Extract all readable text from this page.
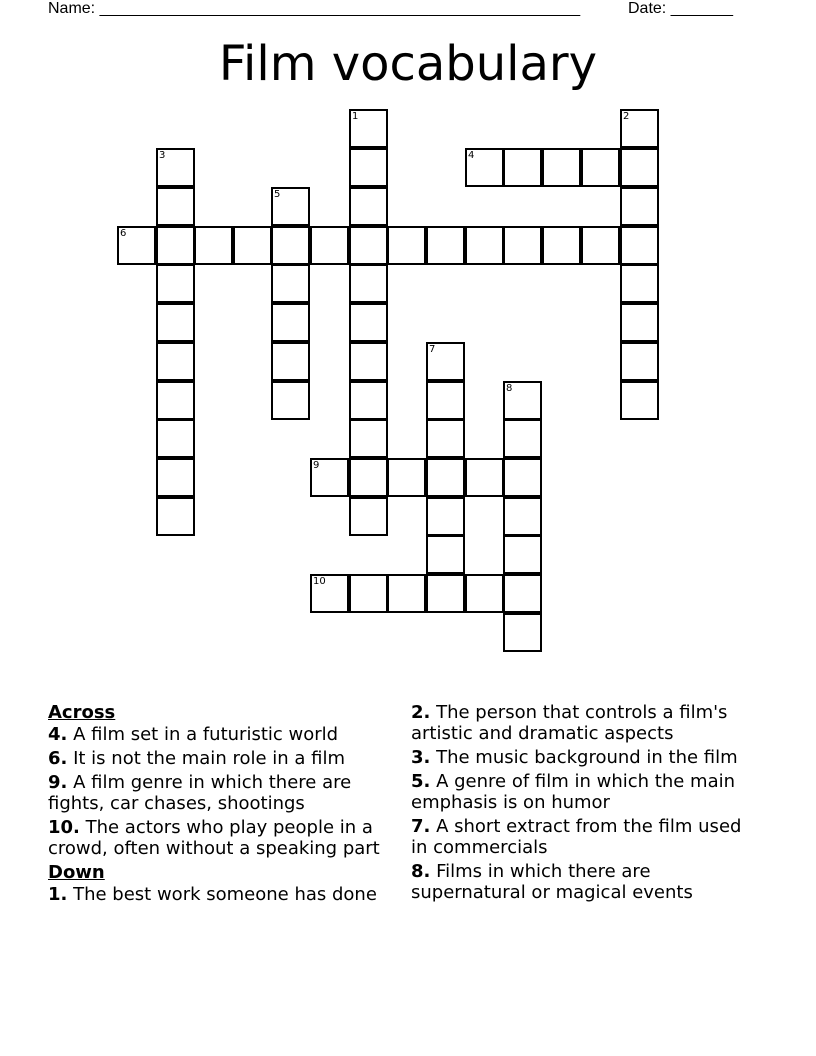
Name: ______________________________________________________	Date: _______
Film vocabulary
6
1	2
3	4
5
7
8
9
10
Across
4. A film set in a futuristic world
6. It is not the main role in a film
9. A film genre in which there are fights, car chases, shootings
10. The actors who play people in a crowd, often without a speaking part
Down
1. The best work someone has done
2. The person that controls a film's artistic and dramatic aspects
3. The music background in the film
5. A genre of film in which the main emphasis is on humor
7. A short extract from the film used in commercials
8. Films in which there are supernatural or magical events
